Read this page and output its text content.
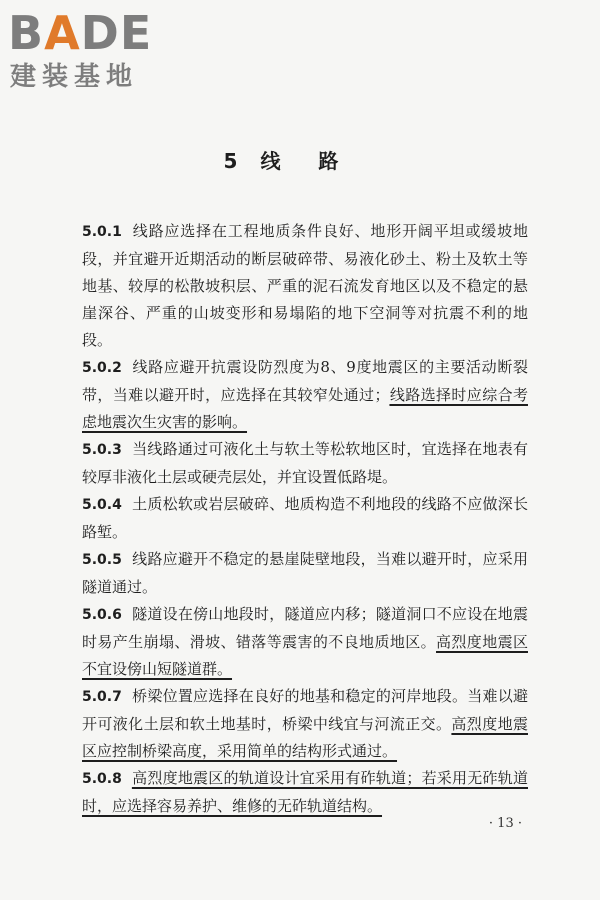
BADE
建装基地
5 线路

5.0.1 线路应选择在工程地质条件良好、地形开阔平坦或缓坡地段，并宜避开近期活动的断层破碎带、易液化砂土、粉土及软土等地基、较厚的松散坡积层、严重的泥石流发育地区以及不稳定的悬崖深谷、严重的山坡变形和易塌陷的地下空洞等对抗震不利的地段。

5.0.2 线路应避开抗震设防烈度为8、9度地震区的主要活动断裂带，当难以避开时，应选择在其较窄处通过；线路选择时应综合考虑地震次生灾害的影响。

5.0.3 当线路通过可液化土与软土等松软地区时，宜选择在地表有较厚非液化土层或硬壳层处，并宜设置低路堤。

5.0.4 土质松软或岩层破碎、地质构造不利地段的线路不应做深长路堑。

5.0.5 线路应避开不稳定的悬崖陡壁地段，当难以避开时，应采用隧道通过。

5.0.6 隧道设在傍山地段时，隧道应内移；隧道洞口不应设在地震时易产生崩塌、滑坡、错落等震害的不良地质地区。高烈度地震区不宜设傍山短隧道群。

5.0.7 桥梁位置应选择在良好的地基和稳定的河岸地段。当难以避开可液化土层和软土地基时，桥梁中线宜与河流正交。高烈度地震区应控制桥梁高度，采用简单的结构形式通过。

5.0.8 高烈度地震区的轨道设计宜采用有砟轨道；若采用无砟轨道时，应选择容易养护、维修的无砟轨道结构。

· 13 ·
